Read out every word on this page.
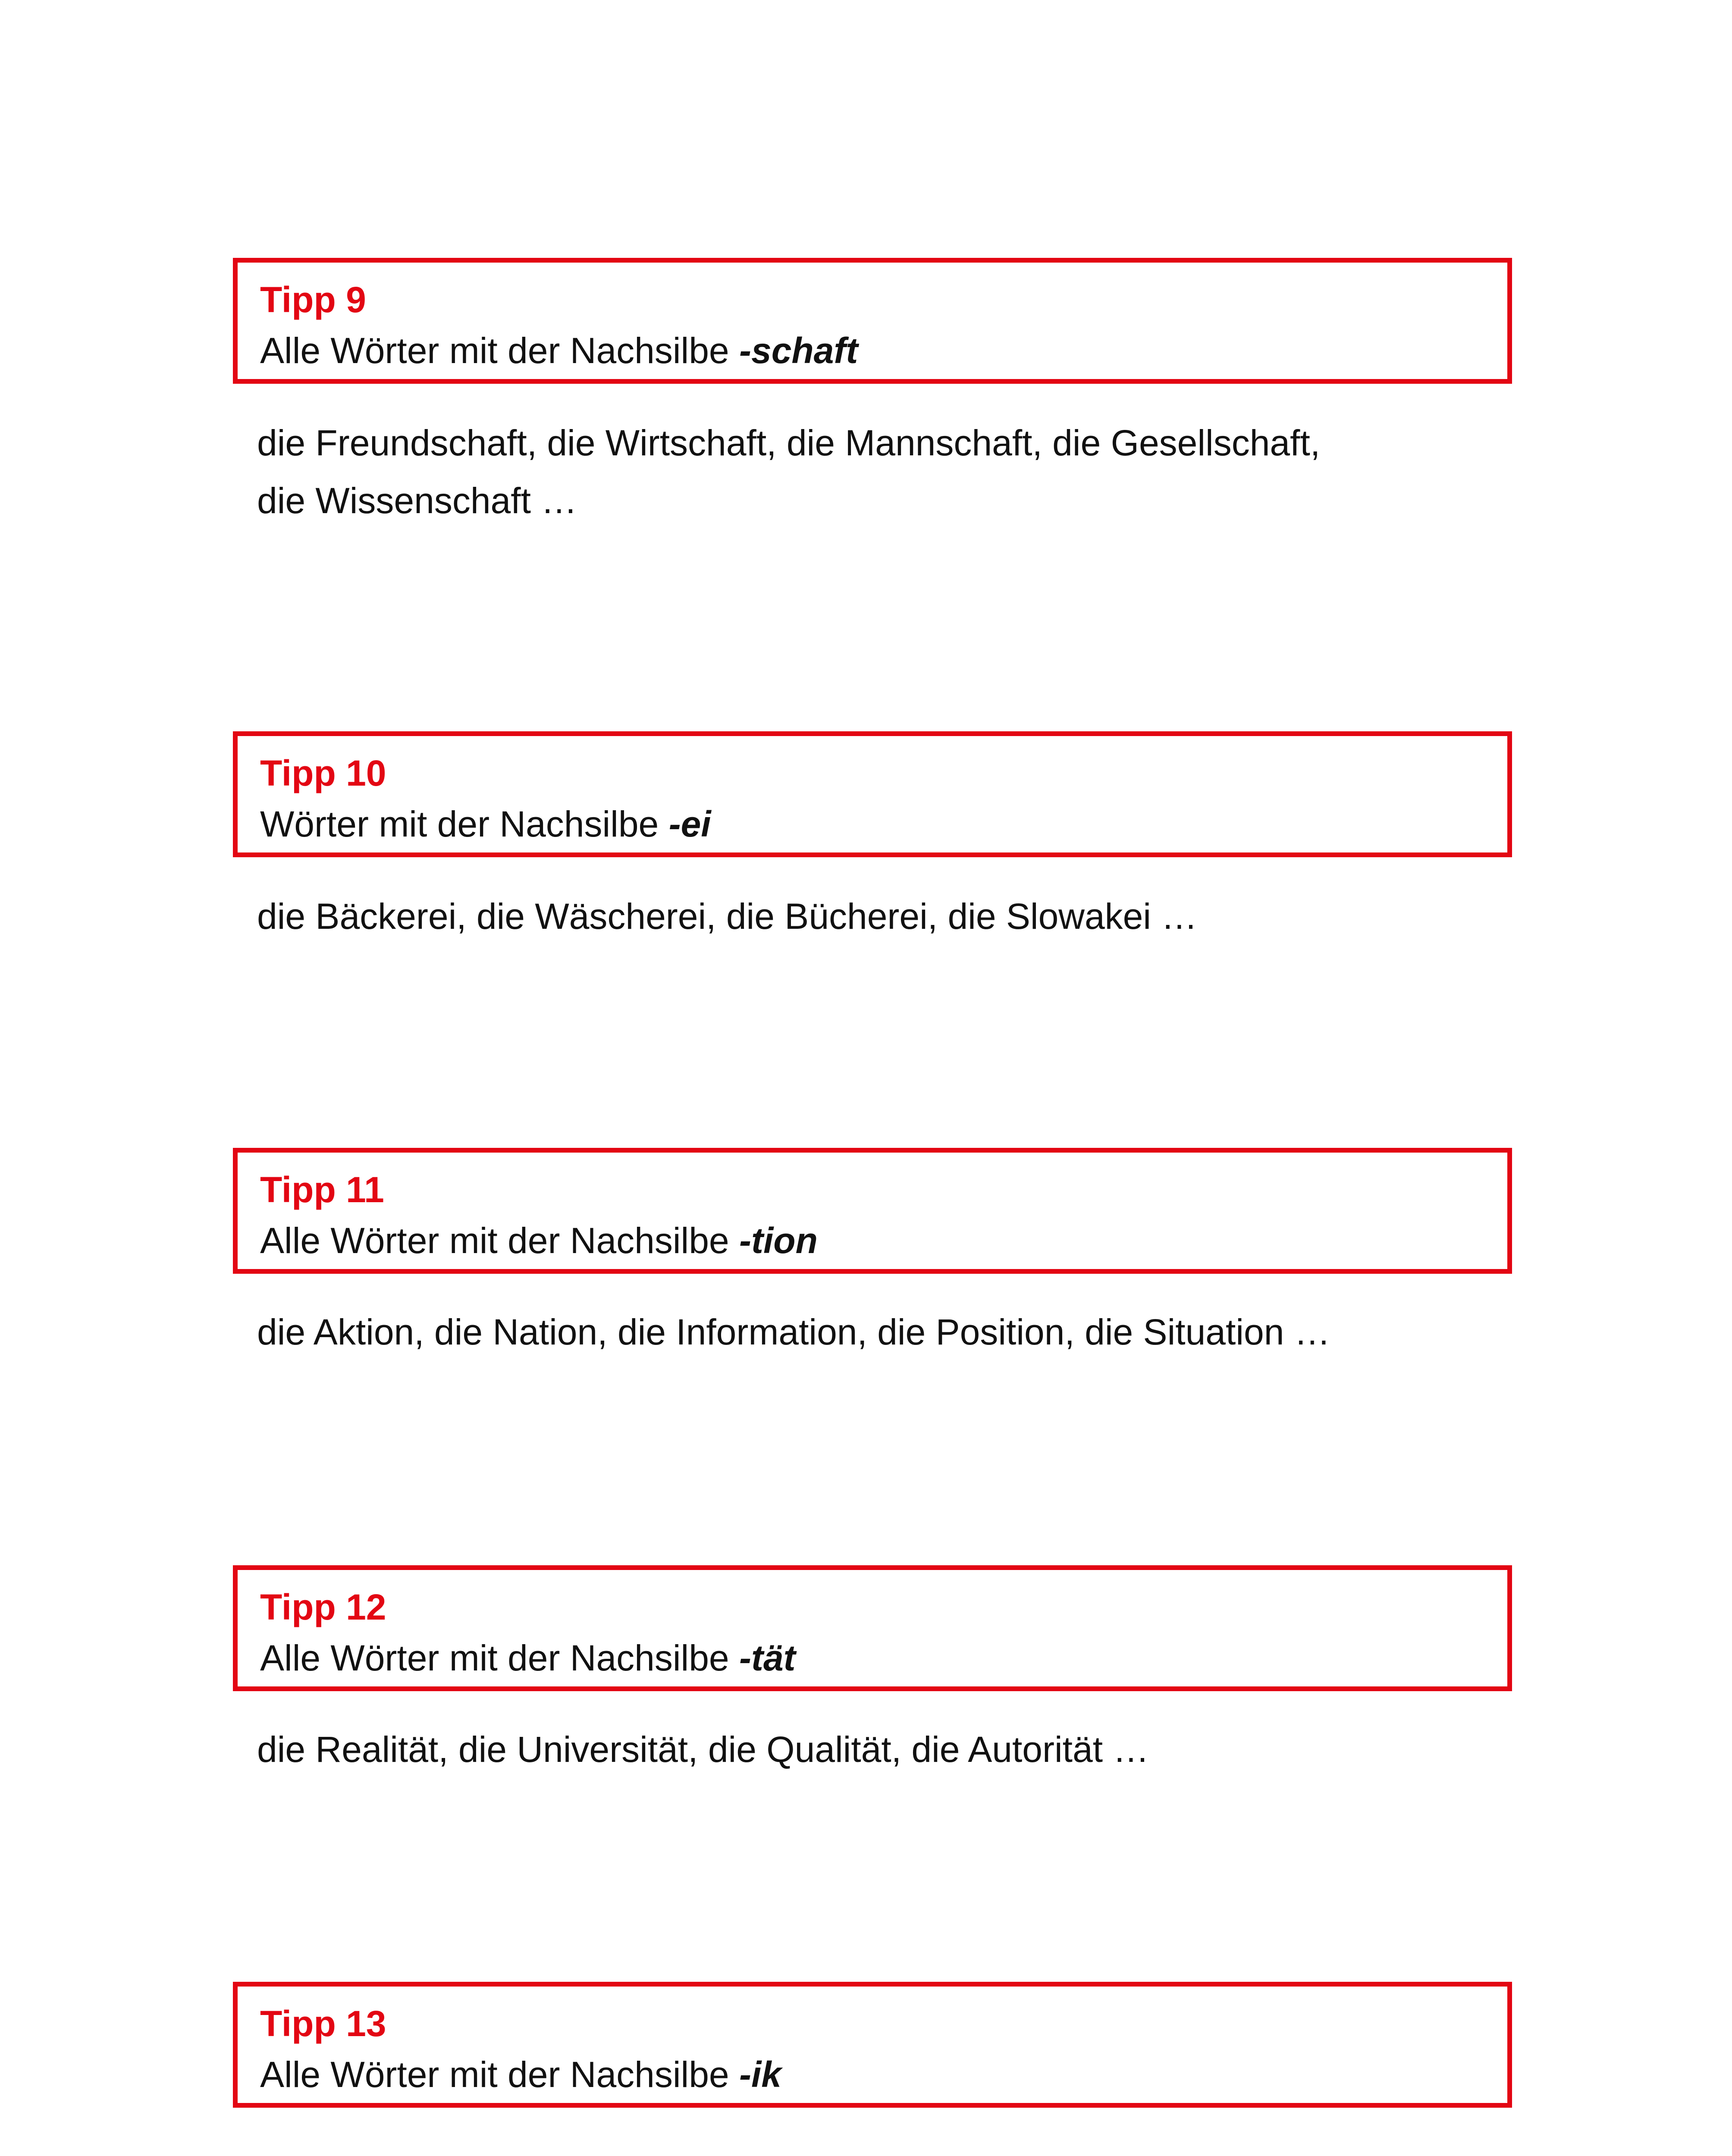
Tipp 9
Alle Wörter mit der Nachsilbe -schaft
die Freundschaft, die Wirtschaft, die Mannschaft, die Gesellschaft,
die Wissenschaft …
Tipp 10
Wörter mit der Nachsilbe -ei
die Bäckerei, die Wäscherei, die Bücherei, die Slowakei …
Tipp 11
Alle Wörter mit der Nachsilbe -tion
die Aktion, die Nation, die Information, die Position, die Situation …
Tipp 12
Alle Wörter mit der Nachsilbe -tät
die Realität, die Universität, die Qualität, die Autorität …
Tipp 13
Alle Wörter mit der Nachsilbe -ik
